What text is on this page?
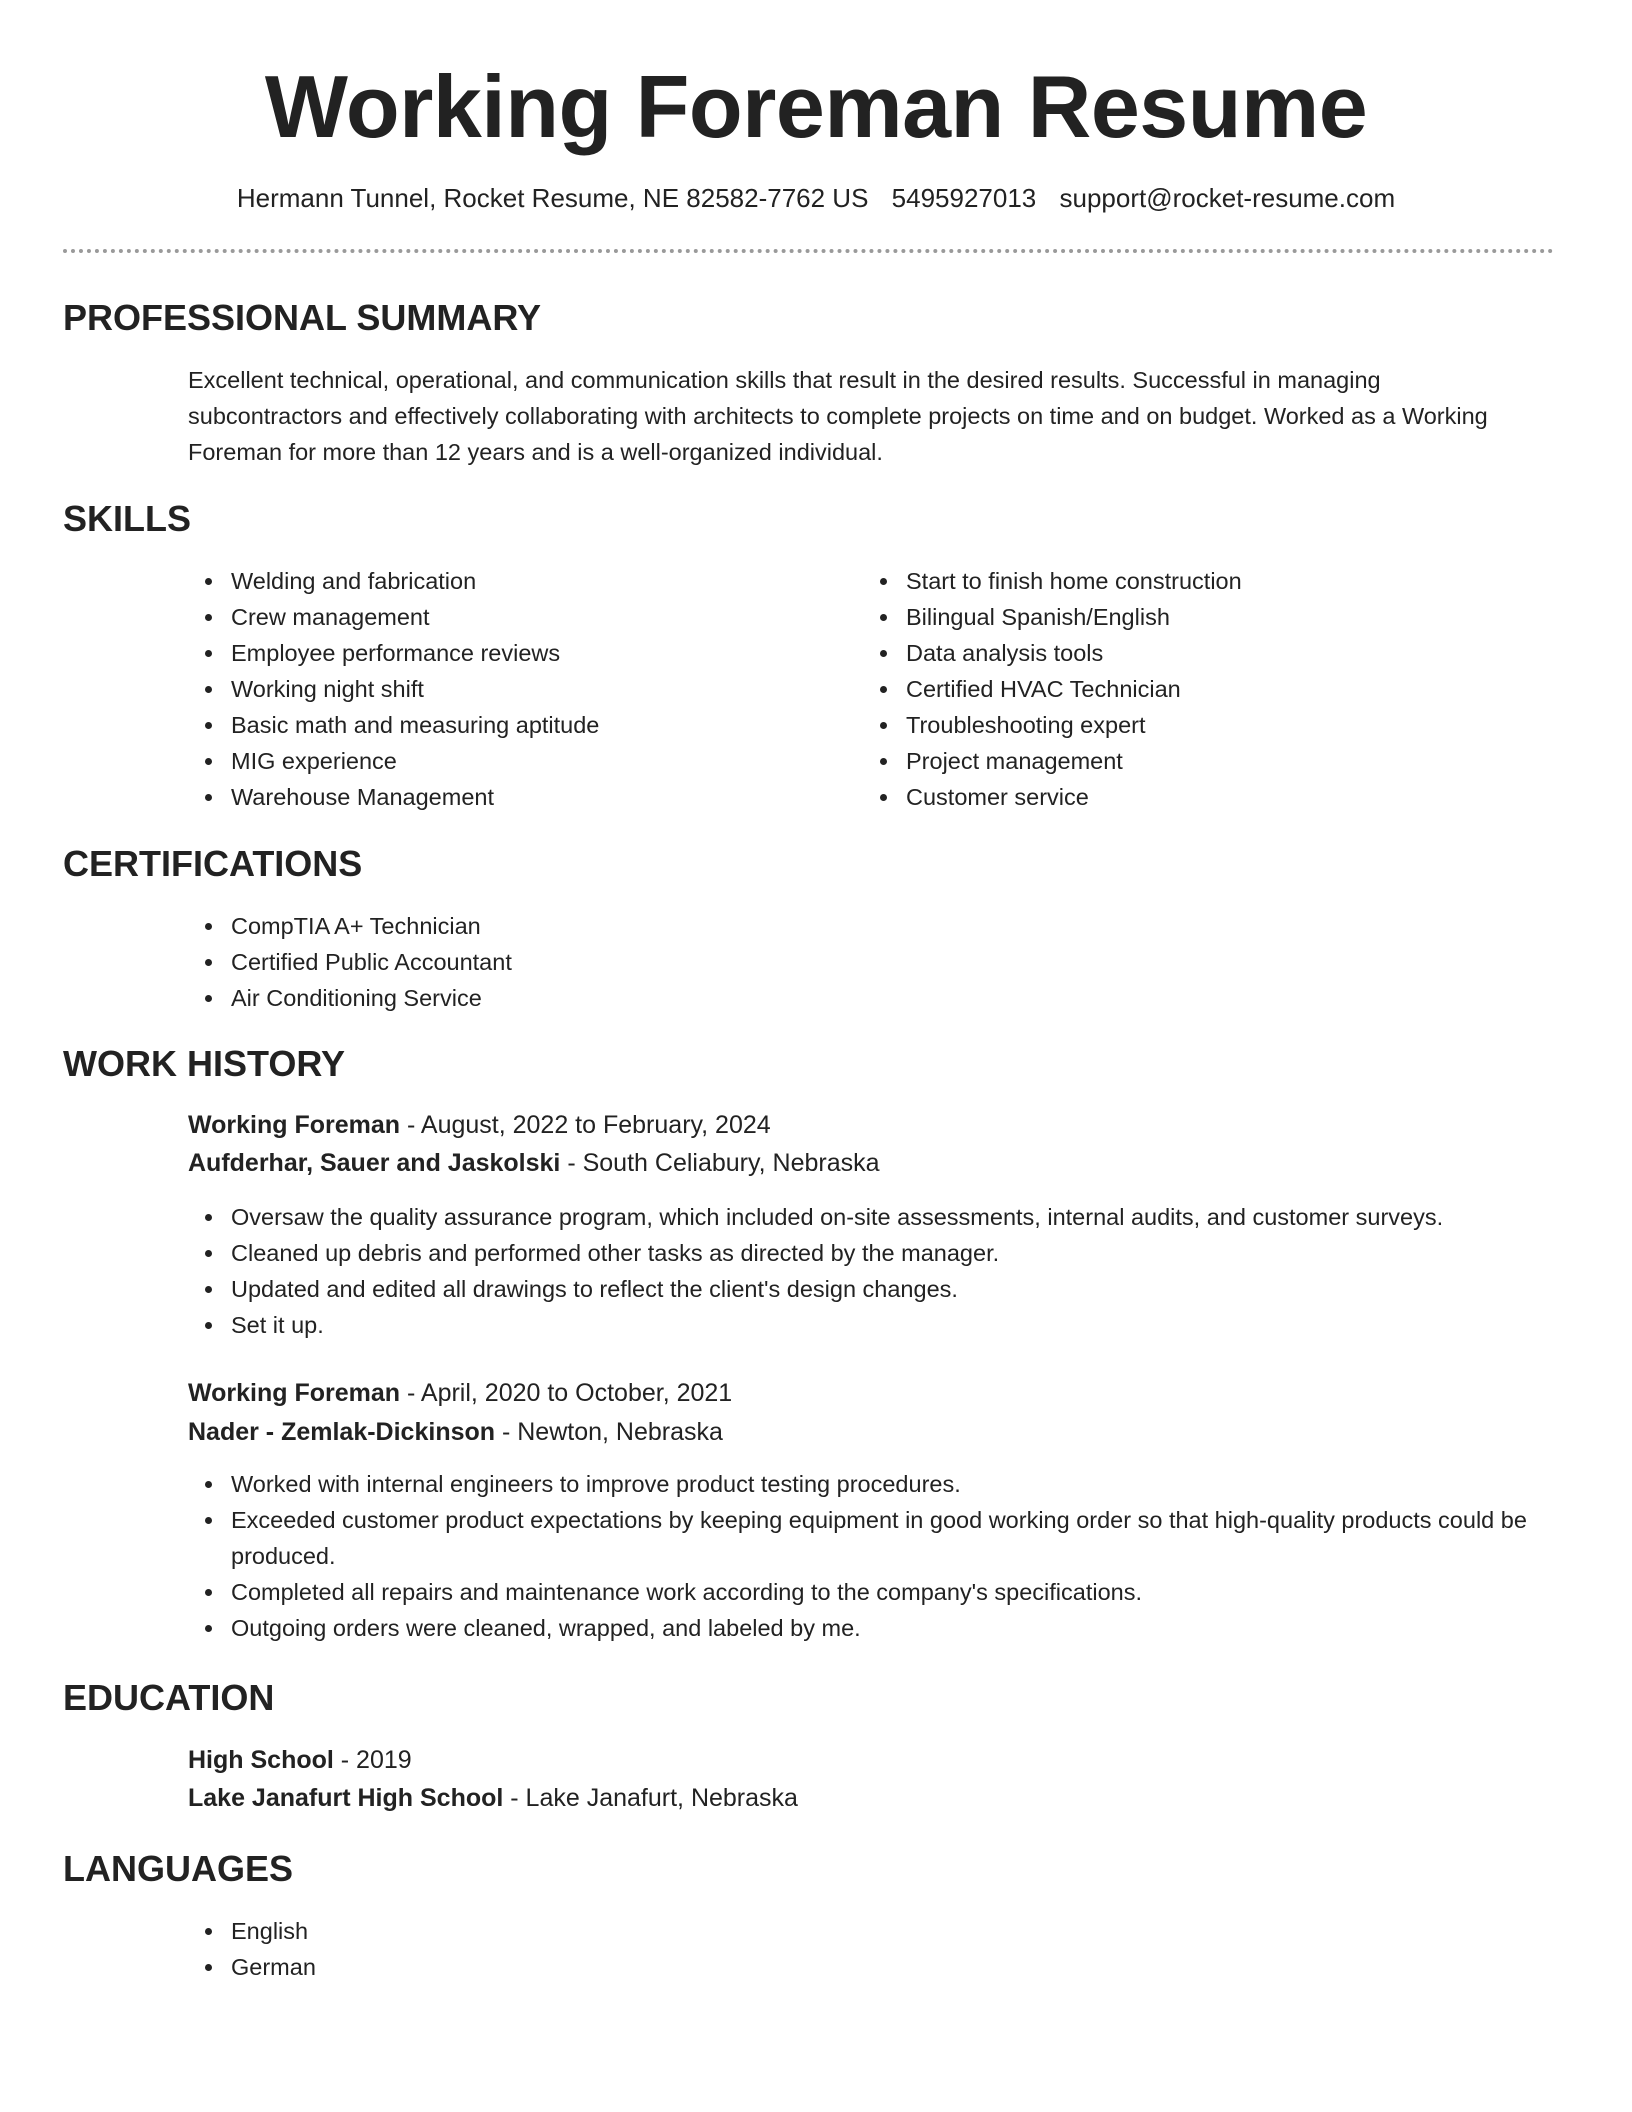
Working Foreman Resume
Hermann Tunnel, Rocket Resume, NE 82582-7762 US 5495927013 support@rocket-resume.com
PROFESSIONAL SUMMARY

Excellent technical, operational, and communication skills that result in the desired results. Successful in managing subcontractors and effectively collaborating with architects to complete projects on time and on budget. Worked as a Working Foreman for more than 12 years and is a well-organized individual.

SKILLS
Welding and fabrication
Crew management
Employee performance reviews
Working night shift
Basic math and measuring aptitude
MIG experience
Warehouse Management
Start to finish home construction
Bilingual Spanish/English
Data analysis tools
Certified HVAC Technician
Troubleshooting expert
Project management
Customer service
CERTIFICATIONS
CompTIA A+ Technician
Certified Public Accountant
Air Conditioning Service
WORK HISTORY
Working Foreman - August, 2022 to February, 2024
Aufderhar, Sauer and Jaskolski - South Celiabury, Nebraska
Oversaw the quality assurance program, which included on-site assessments, internal audits, and customer surveys.
Cleaned up debris and performed other tasks as directed by the manager.
Updated and edited all drawings to reflect the client's design changes.
Set it up.
Working Foreman - April, 2020 to October, 2021
Nader - Zemlak-Dickinson - Newton, Nebraska
Worked with internal engineers to improve product testing procedures.
Exceeded customer product expectations by keeping equipment in good working order so that high-quality products could be produced.
Completed all repairs and maintenance work according to the company's specifications.
Outgoing orders were cleaned, wrapped, and labeled by me.
EDUCATION
High School - 2019
Lake Janafurt High School - Lake Janafurt, Nebraska
LANGUAGES
English
German
